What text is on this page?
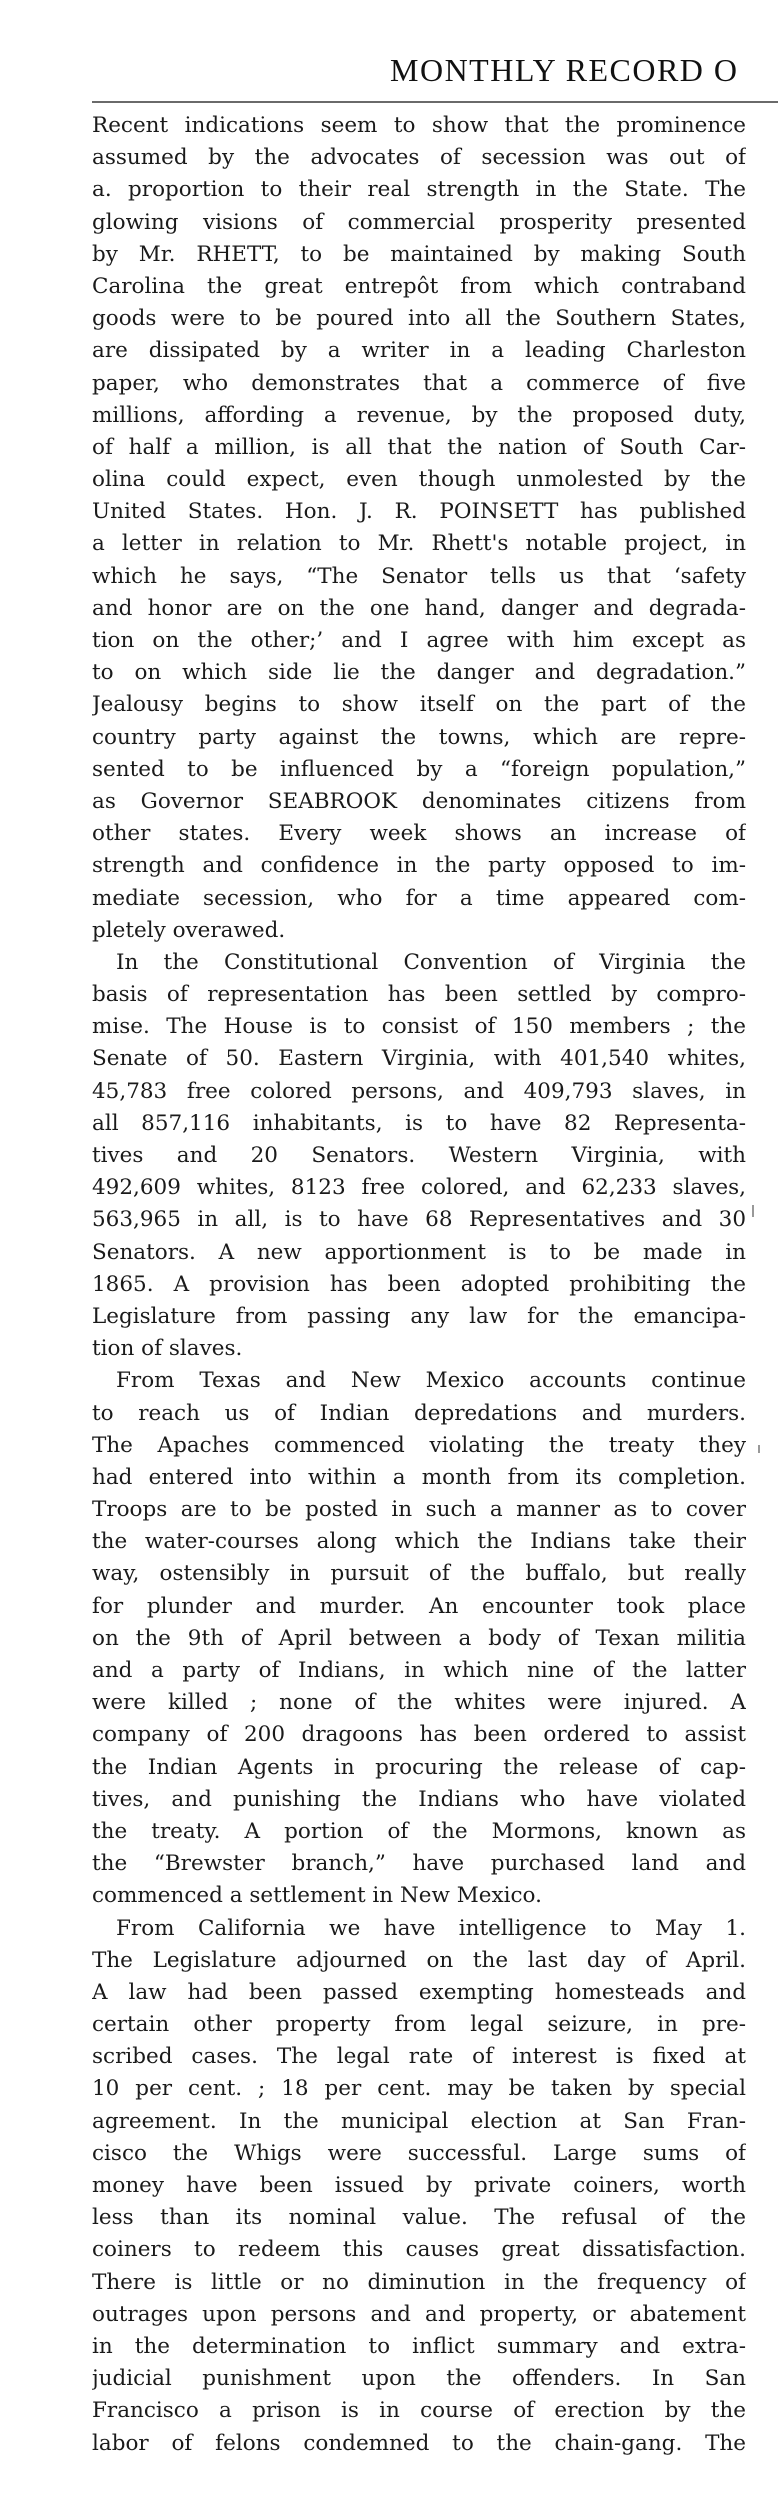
MONTHLY RECORD O
Recent indications seem to show that the prominence
assumed by the advocates of secession was out of
a. proportion to their real strength in the State. The
glowing visions of commercial prosperity presented
by Mr. RHETT, to be maintained by making South
Carolina the great entrepôt from which contraband
goods were to be poured into all the Southern States,
are dissipated by a writer in a leading Charleston
paper, who demonstrates that a commerce of five
millions, affording a revenue, by the proposed duty,
of half a million, is all that the nation of South Car-
olina could expect, even though unmolested by the
United States. Hon. J. R. POINSETT has published
a letter in relation to Mr. Rhett's notable project, in
which he says, “The Senator tells us that ‘safety
and honor are on the one hand, danger and degrada-
tion on the other;’ and I agree with him except as
to on which side lie the danger and degradation.”
Jealousy begins to show itself on the part of the
country party against the towns, which are repre-
sented to be influenced by a “foreign population,”
as Governor SEABROOK denominates citizens from
other states. Every week shows an increase of
strength and confidence in the party opposed to im-
mediate secession, who for a time appeared com-
pletely overawed.
In the Constitutional Convention of Virginia the
basis of representation has been settled by compro-
mise. The House is to consist of 150 members ; the
Senate of 50. Eastern Virginia, with 401,540 whites,
45,783 free colored persons, and 409,793 slaves, in
all 857,116 inhabitants, is to have 82 Representa-
tives and 20 Senators. Western Virginia, with
492,609 whites, 8123 free colored, and 62,233 slaves,
563,965 in all, is to have 68 Representatives and 30
Senators. A new apportionment is to be made in
1865. A provision has been adopted prohibiting the
Legislature from passing any law for the emancipa-
tion of slaves.
From Texas and New Mexico accounts continue
to reach us of Indian depredations and murders.
The Apaches commenced violating the treaty they
had entered into within a month from its completion.
Troops are to be posted in such a manner as to cover
the water-courses along which the Indians take their
way, ostensibly in pursuit of the buffalo, but really
for plunder and murder. An encounter took place
on the 9th of April between a body of Texan militia
and a party of Indians, in which nine of the latter
were killed ; none of the whites were injured. A
company of 200 dragoons has been ordered to assist
the Indian Agents in procuring the release of cap-
tives, and punishing the Indians who have violated
the treaty. A portion of the Mormons, known as
the “Brewster branch,” have purchased land and
commenced a settlement in New Mexico.
From California we have intelligence to May 1.
The Legislature adjourned on the last day of April.
A law had been passed exempting homesteads and
certain other property from legal seizure, in pre-
scribed cases. The legal rate of interest is fixed at
10 per cent. ; 18 per cent. may be taken by special
agreement. In the municipal election at San Fran-
cisco the Whigs were successful. Large sums of
money have been issued by private coiners, worth
less than its nominal value. The refusal of the
coiners to redeem this causes great dissatisfaction.
There is little or no diminution in the frequency of
outrages upon persons and and property, or abatement
in the determination to inflict summary and extra-
judicial punishment upon the offenders. In San
Francisco a prison is in course of erection by the
labor of felons condemned to the chain-gang. The
